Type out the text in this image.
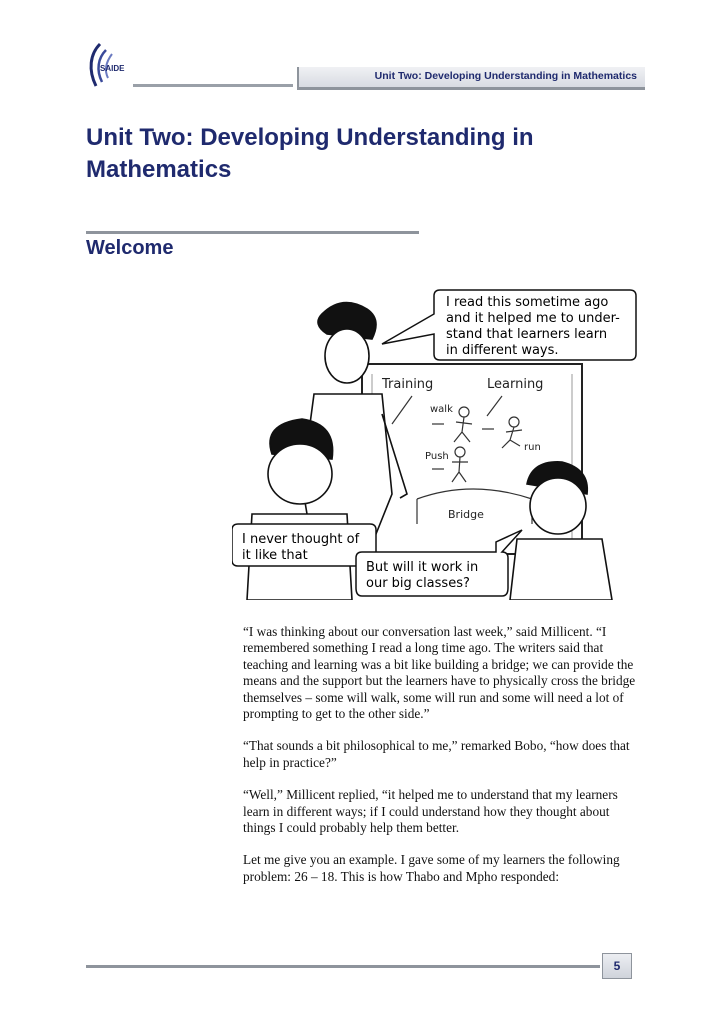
SAIDE
Unit Two: Developing Understanding in Mathematics
Unit Two: Developing Understanding in Mathematics
Welcome
Training	Learning
walk
run
Push
Bridge
I read this sometime ago
and it helped me to under-
stand that learners learn
in different ways.
I never thought of
it like that
But will it work in
our big classes?

“I was thinking about our conversation last week,” said Millicent. “I remembered something I read a long time ago. The writers said that teaching and learning was a bit like building a bridge; we can provide the means and the support but the learners have to physically cross the bridge themselves – some will walk, some will run and some will need a lot of prompting to get to the other side.”

“That sounds a bit philosophical to me,” remarked Bobo, “how does that help in practice?”

“Well,” Millicent replied, “it helped me to understand that my learners learn in different ways; if I could understand how they thought about things I could probably help them better.

Let me give you an example. I gave some of my learners the following problem: 26 – 18. This is how Thabo and Mpho responded:

5
